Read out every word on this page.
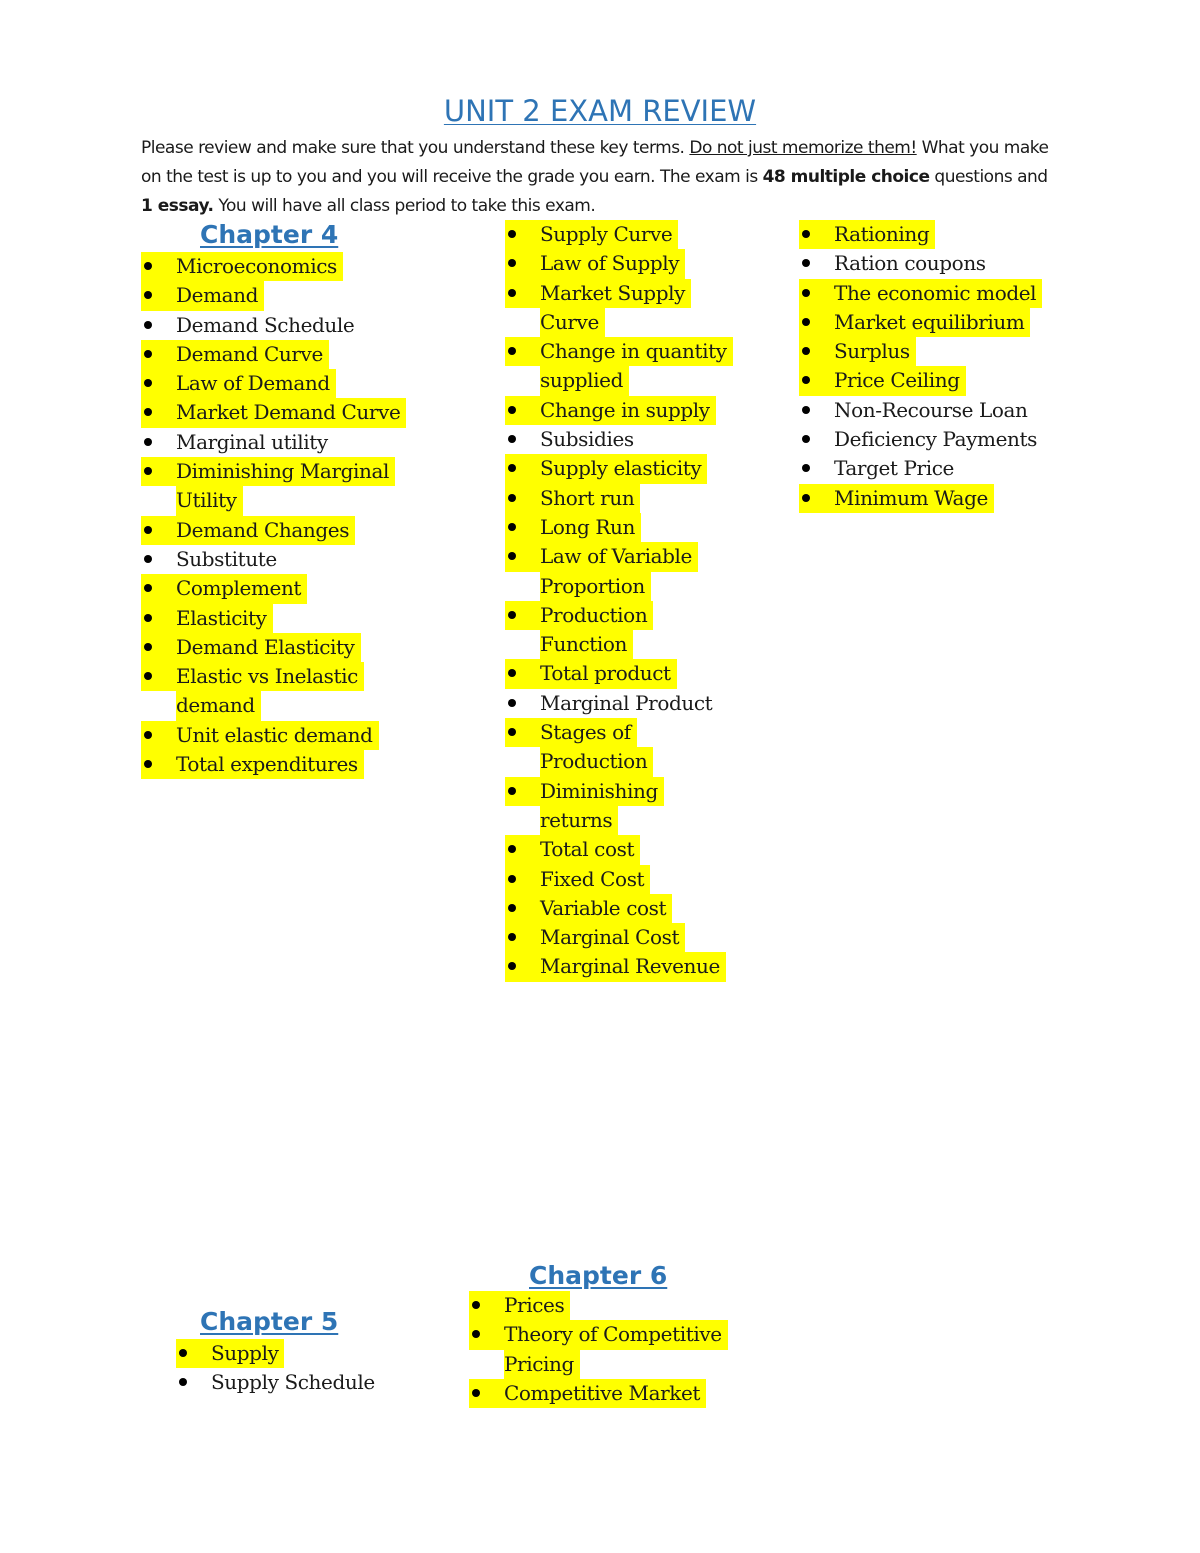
UNIT 2 EXAM REVIEW
Please review and make sure that you understand these key terms. Do not just memorize them! What you make on the test is up to you and you will receive the grade you earn. The exam is 48 multiple choice questions and 1 essay. You will have all class period to take this exam.
Chapter 4
Microeconomics
Demand
Demand Schedule
Demand Curve
Law of Demand
Market Demand Curve
Marginal utility
Diminishing Marginal

Utility
Demand Changes
Substitute
Complement
Elasticity
Demand Elasticity
Elastic vs Inelastic

demand
Unit elastic demand
Total expenditures
Supply Curve
Law of Supply
Market Supply

Curve
Change in quantity

supplied
Change in supply
Subsidies
Supply elasticity
Short run
Long Run
Law of Variable

Proportion
Production

Function
Total product
Marginal Product
Stages of

Production
Diminishing

returns
Total cost
Fixed Cost
Variable cost
Marginal Cost
Marginal Revenue
Rationing
Ration coupons
The economic model
Market equilibrium
Surplus
Price Ceiling
Non-Recourse Loan
Deficiency Payments
Target Price
Minimum Wage
Chapter 5
Supply
Supply Schedule
Chapter 6
Prices
Theory of Competitive

Pricing
Competitive Market
